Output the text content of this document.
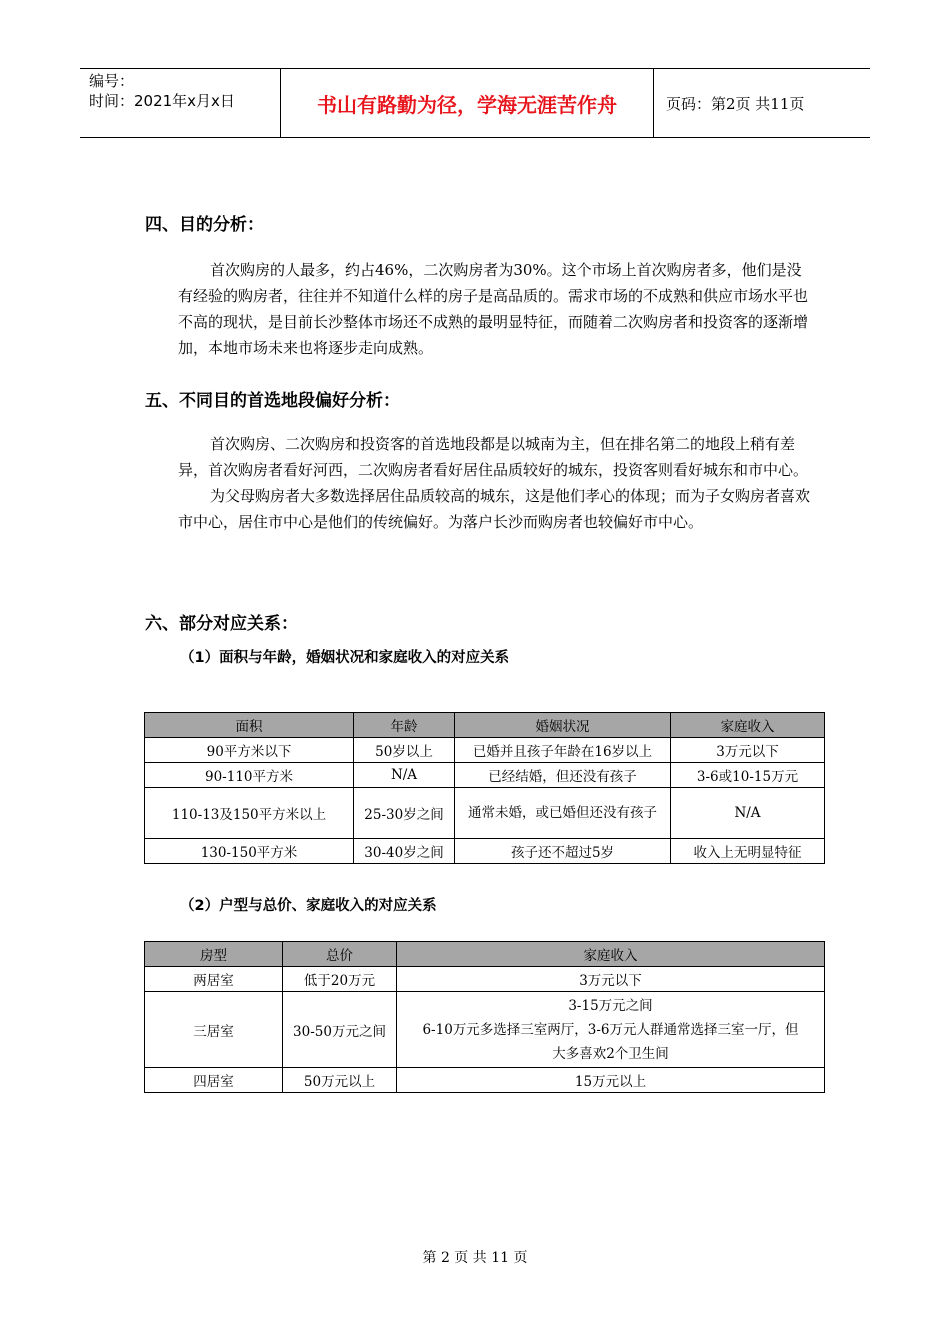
编号：
时间：2021年x月x日	书山有路勤为径，学海无涯苦作舟	页码：第2页 共11页
四、目的分析：
首次购房的人最多，约占46%，二次购房者为30%。这个市场上首次购房者多，他们是没有经验的购房者，往往并不知道什么样的房子是高品质的。需求市场的不成熟和供应市场水平也不高的现状，是目前长沙整体市场还不成熟的最明显特征，而随着二次购房者和投资客的逐渐增加，本地市场未来也将逐步走向成熟。
五、不同目的首选地段偏好分析：
首次购房、二次购房和投资客的首选地段都是以城南为主，但在排名第二的地段上稍有差异，首次购房者看好河西，二次购房者看好居住品质较好的城东，投资客则看好城东和市中心。
为父母购房者大多数选择居住品质较高的城东，这是他们孝心的体现；而为子女购房者喜欢市中心，居住市中心是他们的传统偏好。为落户长沙而购房者也较偏好市中心。
六、部分对应关系：
（1）面积与年龄，婚姻状况和家庭收入的对应关系
面积	年龄	婚姻状况	家庭收入
90平方米以下	50岁以上	已婚并且孩子年龄在16岁以上	3万元以下
90-110平方米	N/A	已经结婚，但还没有孩子	3-6或10-15万元
110-13及150平方米以上	25-30岁之间	通常未婚，或已婚但还没有孩子	N/A
130-150平方米	30-40岁之间	孩子还不超过5岁	收入上无明显特征
（2）户型与总价、家庭收入的对应关系
房型	总价	家庭收入
两居室	低于20万元	3万元以下
三居室	30-50万元之间	3-15万元之间
6-10万元多选择三室两厅，3-6万元人群通常选择三室一厅，但大多喜欢2个卫生间
四居室	50万元以上	15万元以上
第 2 页 共 11 页
